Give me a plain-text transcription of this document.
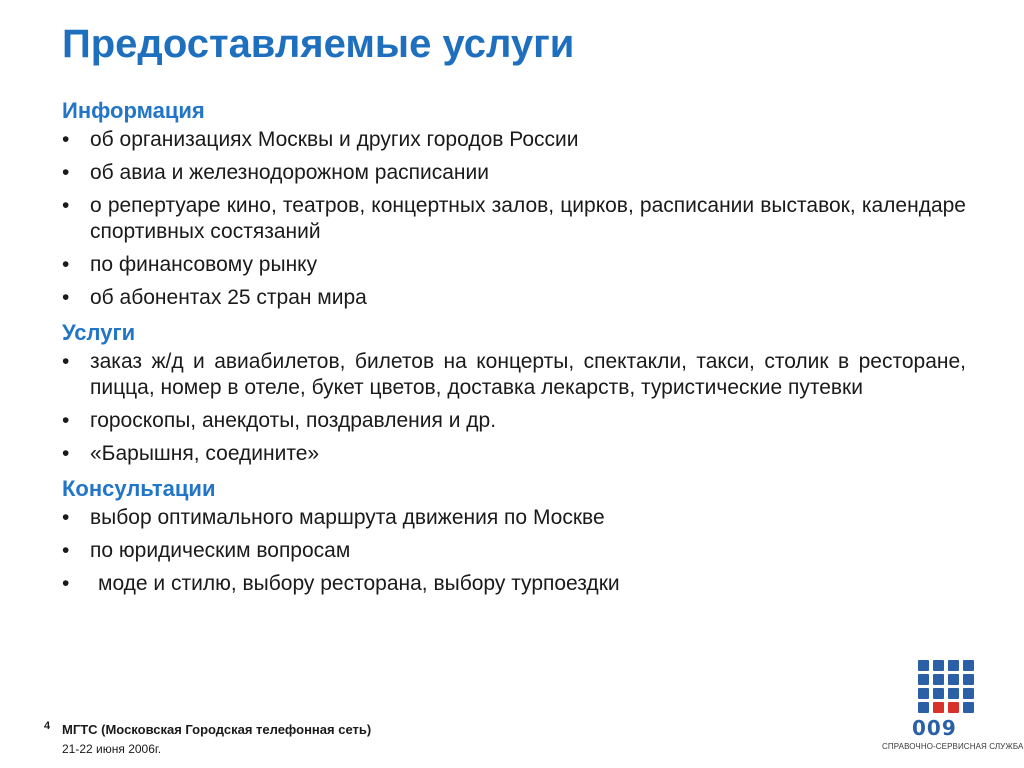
Предоставляемые услуги
Информация
• об организациях Москвы и других городов России
• об авиа и железнодорожном расписании
• о репертуаре кино, театров, концертных залов, цирков, расписании выставок, календаре спортивных состязаний
• по финансовому рынку
• об абонентах 25 стран мира
Услуги
• заказ ж/д и авиабилетов, билетов на концерты, спектакли, такси, столик в ресторане, пицца, номер в отеле, букет цветов, доставка лекарств, туристические путевки
• гороскопы, анекдоты, поздравления и др.
• «Барышня, соедините»
Консультации
• выбор оптимального маршрута движения по Москве
• по юридическим вопросам
• моде и стилю, выбору ресторана, выбору турпоездки
4 МГТС (Московская Городская телефонная сеть)
21-22 июня 2006г.
009
СПРАВОЧНО-СЕРВИСНАЯ СЛУЖБА
